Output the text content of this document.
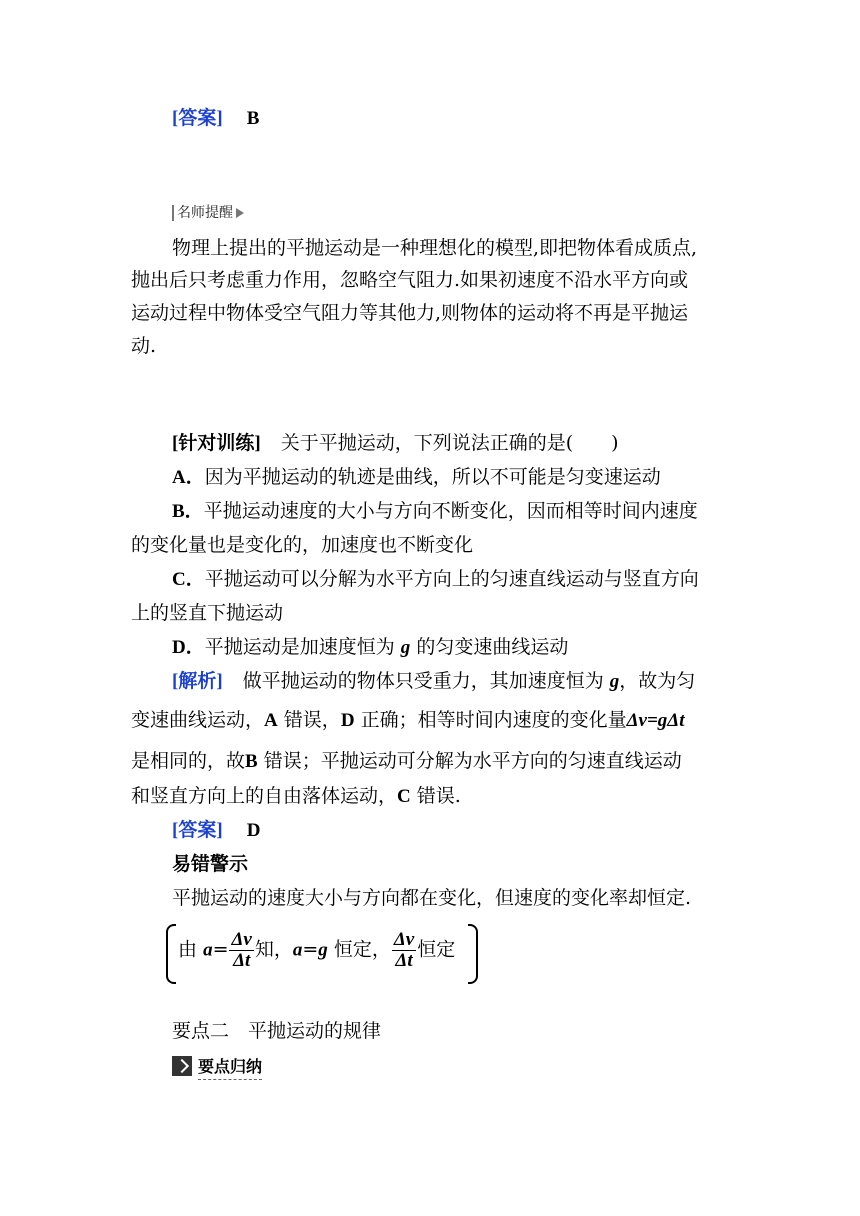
[答案] B
名师提醒
物理上提出的平抛运动是一种理想化的模型,即把物体看成质点,
抛出后只考虑重力作用，忽略空气阻力.如果初速度不沿水平方向或
运动过程中物体受空气阻力等其他力,则物体的运动将不再是平抛运
动.
[针对训练] 关于平抛运动，下列说法正确的是(　　)
A．因为平抛运动的轨迹是曲线，所以不可能是匀变速运动
B．平抛运动速度的大小与方向不断变化，因而相等时间内速度
的变化量也是变化的，加速度也不断变化
C．平抛运动可以分解为水平方向上的匀速直线运动与竖直方向
上的竖直下抛运动
D．平抛运动是加速度恒为 g 的匀变速曲线运动
[解析] 做平抛运动的物体只受重力，其加速度恒为 g，故为匀
变速曲线运动，A 错误，D 正确；相等时间内速度的变化量Δv=gΔt
是相同的，故B 错误；平抛运动可分解为水平方向的匀速直线运动
和竖直方向上的自由落体运动，C 错误.
[答案] D
易错警示
平抛运动的速度大小与方向都在变化，但速度的变化率却恒定.
由 $a= \frac{\Delta v}{\Delta t}$ 知，a=g 恒定， $\frac{\Delta v}{\Delta t}$ 恒定
要点二　平抛运动的规律
要点归纳
